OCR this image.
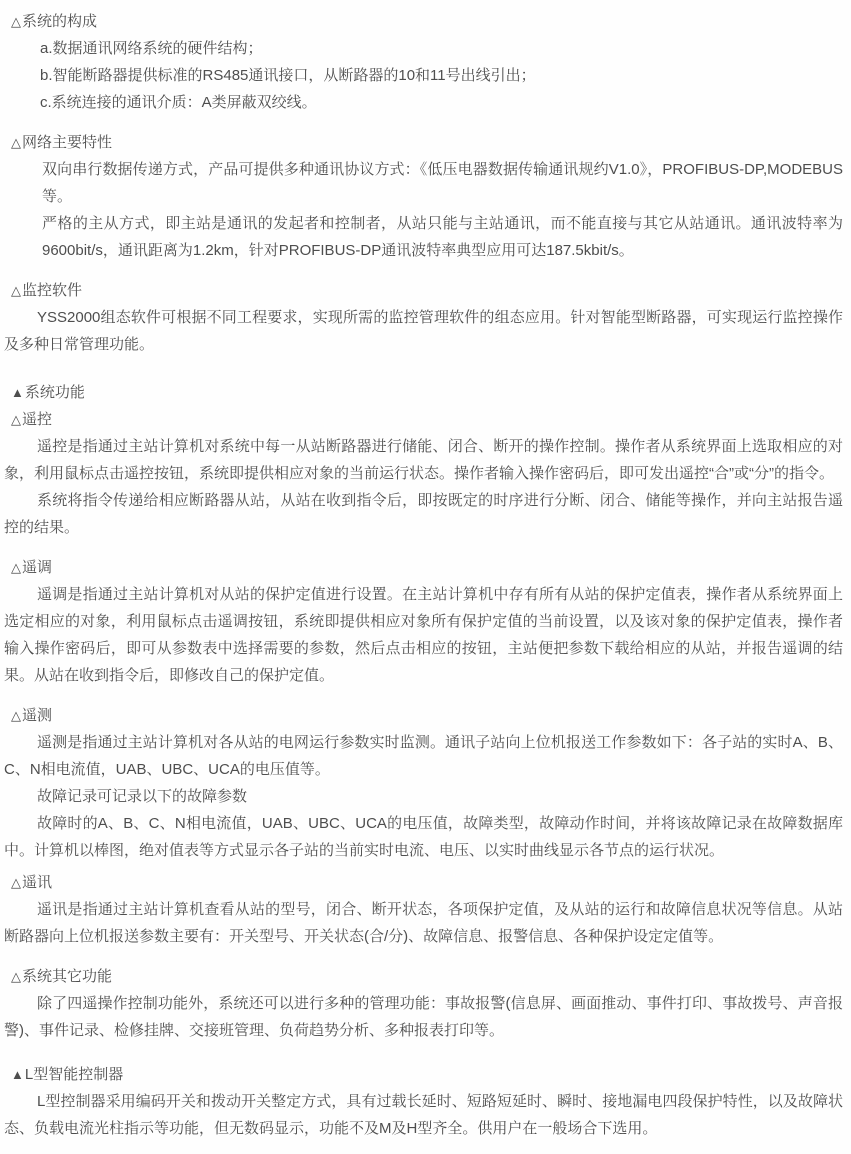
△系统的构成

a.数据通讯网络系统的硬件结构；

b.智能断路器提供标准的RS485通讯接口，从断路器的10和11号出线引出；

c.系统连接的通讯介质：A类屏蔽双绞线。

△网络主要特性

双向串行数据传递方式，产品可提供多种通讯协议方式：《低压电器数据传输通讯规约V1.0》，PROFIBUS-DP,MODEBUS等。

严格的主从方式，即主站是通讯的发起者和控制者，从站只能与主站通讯，而不能直接与其它从站通讯。通讯波特率为9600bit/s，通讯距离为1.2km，针对PROFIBUS-DP通讯波特率典型应用可达187.5kbit/s。

△监控软件

YSS2000组态软件可根据不同工程要求，实现所需的监控管理软件的组态应用。针对智能型断路器，可实现运行监控操作及多种日常管理功能。

▲系统功能
△遥控

遥控是指通过主站计算机对系统中每一从站断路器进行储能、闭合、断开的操作控制。操作者从系统界面上选取相应的对象，利用鼠标点击遥控按钮，系统即提供相应对象的当前运行状态。操作者输入操作密码后，即可发出遥控“合”或“分”的指令。

系统将指令传递给相应断路器从站，从站在收到指令后，即按既定的时序进行分断、闭合、储能等操作，并向主站报告遥控的结果。

△遥调

遥调是指通过主站计算机对从站的保护定值进行设置。在主站计算机中存有所有从站的保护定值表，操作者从系统界面上选定相应的对象，利用鼠标点击遥调按钮，系统即提供相应对象所有保护定值的当前设置，以及该对象的保护定值表，操作者输入操作密码后，即可从参数表中选择需要的参数，然后点击相应的按钮，主站便把参数下载给相应的从站，并报告遥调的结果。从站在收到指令后，即修改自己的保护定值。

△遥测

遥测是指通过主站计算机对各从站的电网运行参数实时监测。通讯子站向上位机报送工作参数如下：各子站的实时A、B、C、N相电流值，UAB、UBC、UCA的电压值等。

故障记录可记录以下的故障参数

故障时的A、B、C、N相电流值，UAB、UBC、UCA的电压值，故障类型，故障动作时间，并将该故障记录在故障数据库中。计算机以棒图，绝对值表等方式显示各子站的当前实时电流、电压、以实时曲线显示各节点的运行状况。

△遥讯

遥讯是指通过主站计算机查看从站的型号，闭合、断开状态，各项保护定值，及从站的运行和故障信息状况等信息。从站断路器向上位机报送参数主要有：开关型号、开关状态(合/分)、故障信息、报警信息、各种保护设定定值等。

△系统其它功能

除了四遥操作控制功能外，系统还可以进行多种的管理功能：事故报警(信息屏、画面推动、事件打印、事故拨号、声音报警)、事件记录、检修挂牌、交接班管理、负荷趋势分析、多种报表打印等。

▲L型智能控制器

L型控制器采用编码开关和拨动开关整定方式，具有过载长延时、短路短延时、瞬时、接地漏电四段保护特性，以及故障状态、负载电流光柱指示等功能，但无数码显示，功能不及M及H型齐全。供用户在一般场合下选用。
